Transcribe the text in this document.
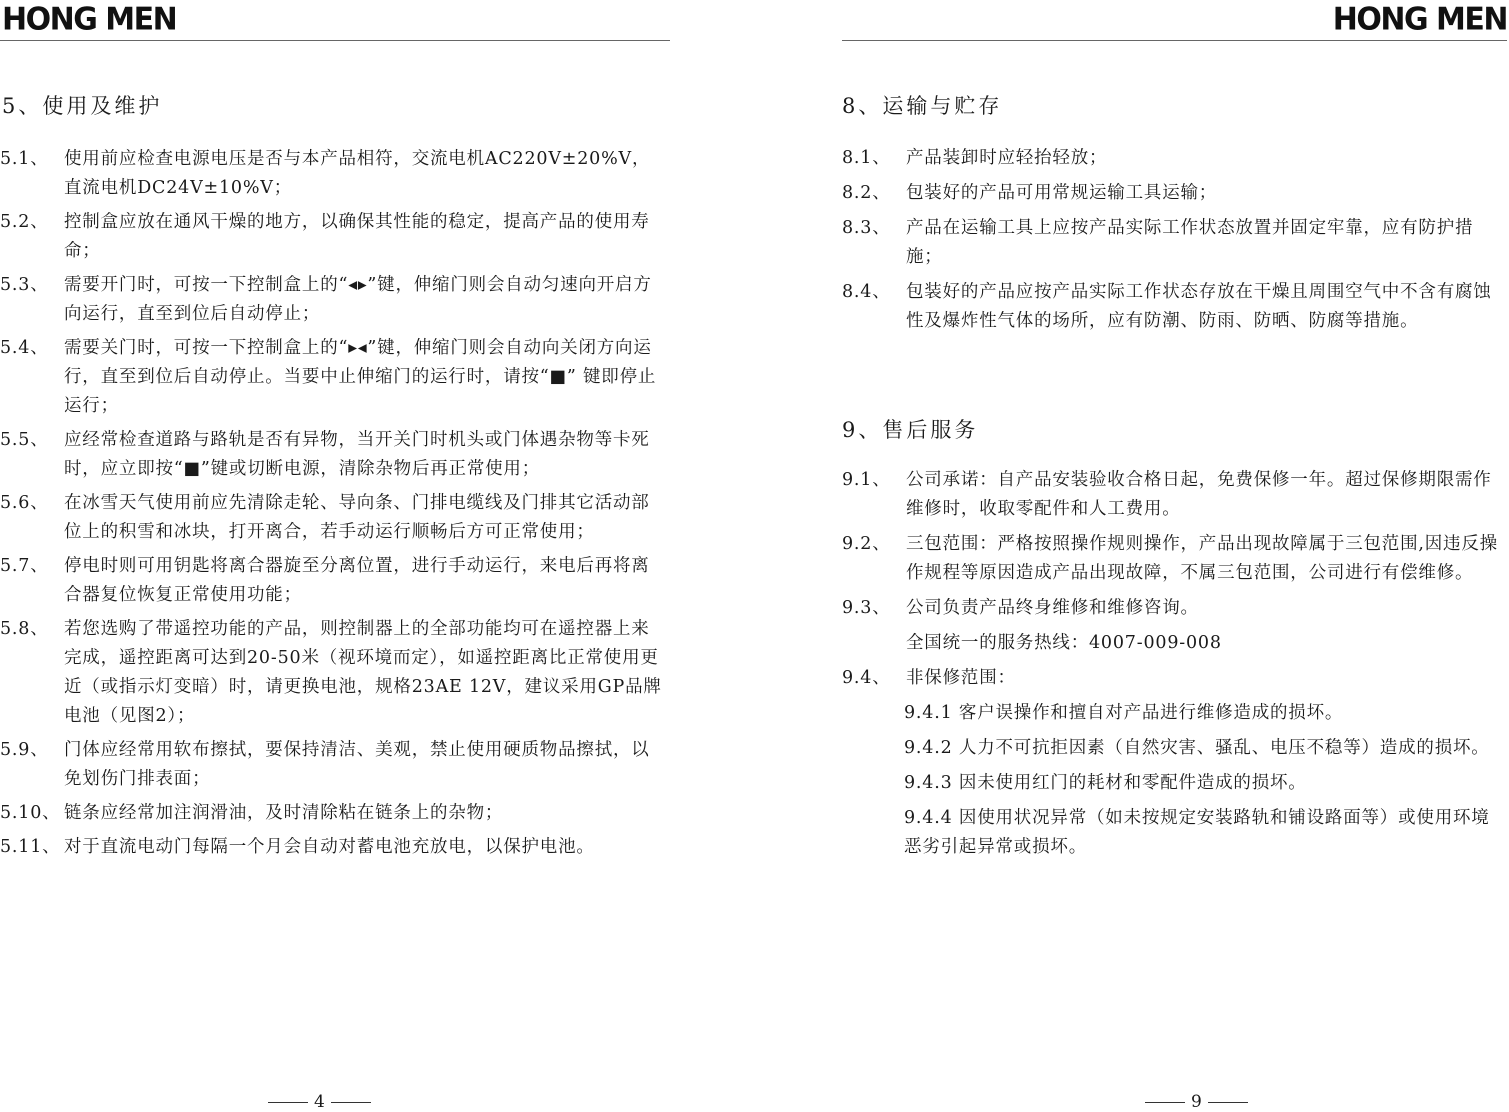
HONG MEN
5、使用及维护
5.1、 使用前应检查电源电压是否与本产品相符，交流电机AC220V±20%V，直流电机DC24V±10%V；
5.2、 控制盒应放在通风干燥的地方，以确保其性能的稳定，提高产品的使用寿命；
5.3、 需要开门时，可按一下控制盒上的“◂▸”键，伸缩门则会自动匀速向开启方向运行，直至到位后自动停止；
5.4、 需要关门时，可按一下控制盒上的“▸◂”键，伸缩门则会自动向关闭方向运行，直至到位后自动停止。当要中止伸缩门的运行时，请按“■” 键即停止运行；
5.5、 应经常检查道路与路轨是否有异物，当开关门时机头或门体遇杂物等卡死时，应立即按“■”键或切断电源，清除杂物后再正常使用；
5.6、 在冰雪天气使用前应先清除走轮、导向条、门排电缆线及门排其它活动部位上的积雪和冰块，打开离合，若手动运行顺畅后方可正常使用；
5.7、 停电时则可用钥匙将离合器旋至分离位置，进行手动运行，来电后再将离合器复位恢复正常使用功能；
5.8、 若您选购了带遥控功能的产品，则控制器上的全部功能均可在遥控器上来完成，遥控距离可达到20-50米（视环境而定），如遥控距离比正常使用更近（或指示灯变暗）时，请更换电池，规格23AE 12V，建议采用GP品牌电池（见图2）；
5.9、 门体应经常用软布擦拭，要保持清洁、美观，禁止使用硬质物品擦拭，以免划伤门排表面；
5.10、 链条应经常加注润滑油，及时清除粘在链条上的杂物；
5.11、 对于直流电动门每隔一个月会自动对蓄电池充放电，以保护电池。
4
HONG MEN
8、运输与贮存
8.1、 产品装卸时应轻抬轻放；
8.2、 包装好的产品可用常规运输工具运输；
8.3、 产品在运输工具上应按产品实际工作状态放置并固定牢靠，应有防护措施；
8.4、 包装好的产品应按产品实际工作状态存放在干燥且周围空气中不含有腐蚀性及爆炸性气体的场所，应有防潮、防雨、防晒、防腐等措施。
9、售后服务
9.1、 公司承诺：自产品安装验收合格日起，免费保修一年。超过保修期限需作维修时，收取零配件和人工费用。
9.2、 三包范围：严格按照操作规则操作，产品出现故障属于三包范围,因违反操作规程等原因造成产品出现故障，不属三包范围，公司进行有偿维修。
9.3、 公司负责产品终身维修和维修咨询。
全国统一的服务热线：4007-009-008
9.4、 非保修范围：
9.4.1 客户误操作和擅自对产品进行维修造成的损坏。
9.4.2 人力不可抗拒因素（自然灾害、骚乱、电压不稳等）造成的损坏。
9.4.3 因未使用红门的耗材和零配件造成的损坏。
9.4.4 因使用状况异常（如未按规定安装路轨和铺设路面等）或使用环境 恶劣引起异常或损坏。
9
